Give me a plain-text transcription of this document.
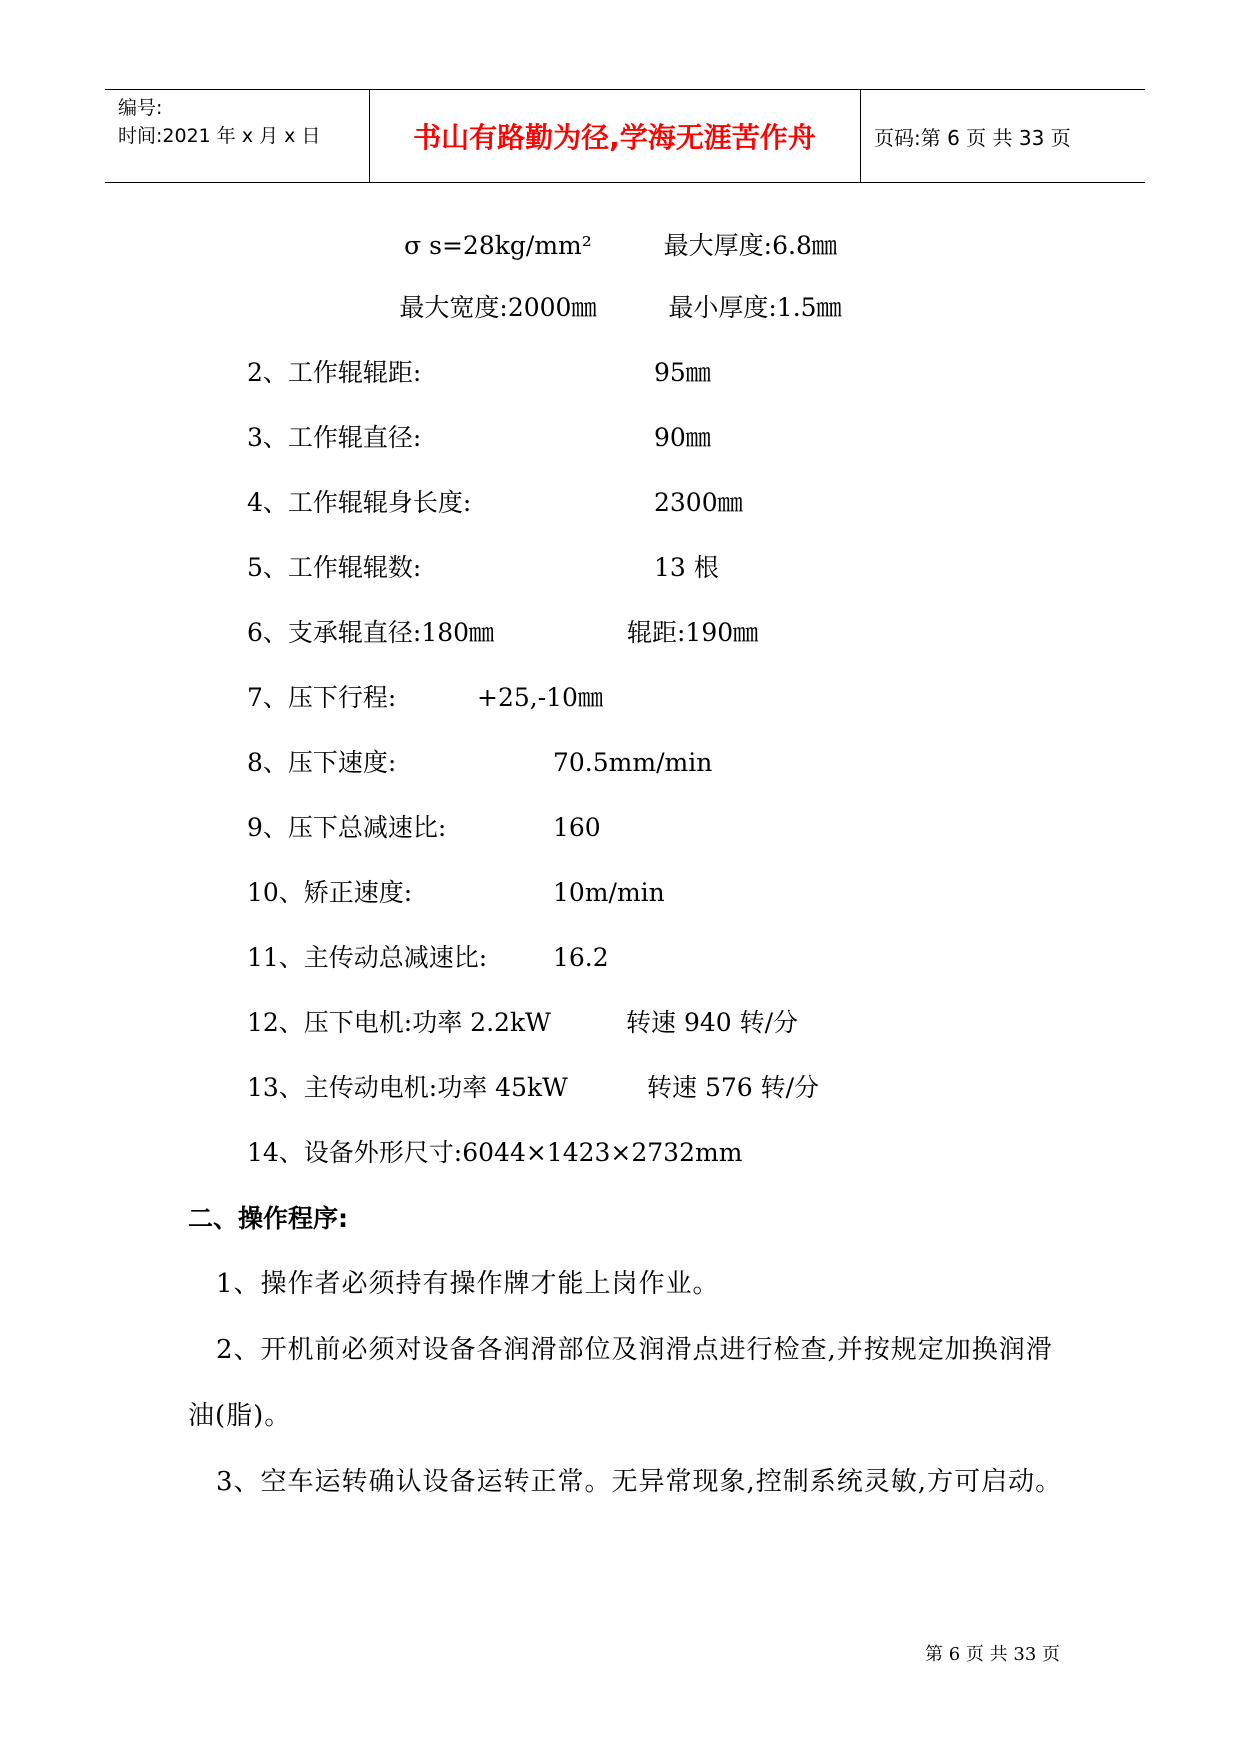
编号:
时间:2021 年 x 月 x 日	书山有路勤为径,学海无涯苦作舟	页码:第 6 页 共 33 页
σ s=28kg/mm²	最大厚度:6.8㎜
最大宽度:2000㎜	最小厚度:1.5㎜
2、工作辊辊距:	95㎜
3、工作辊直径:	90㎜
4、工作辊辊身长度:	2300㎜
5、工作辊辊数:	13 根
6、支承辊直径:180㎜	辊距:190㎜
7、压下行程:	+25,-10㎜
8、压下速度:	70.5mm/min
9、压下总减速比:	160
10、矫正速度:	10m/min
11、主传动总减速比:	16.2
12、压下电机:功率 2.2kW	转速 940 转/分
13、主传动电机:功率 45kW	转速 576 转/分
14、设备外形尺寸:6044×1423×2732mm
二、操作程序:
1、操作者必须持有操作牌才能上岗作业。
2、开机前必须对设备各润滑部位及润滑点进行检查,并按规定加换润滑油(脂)。
3、空车运转确认设备运转正常。无异常现象,控制系统灵敏,方可启动。
第 6 页 共 33 页
